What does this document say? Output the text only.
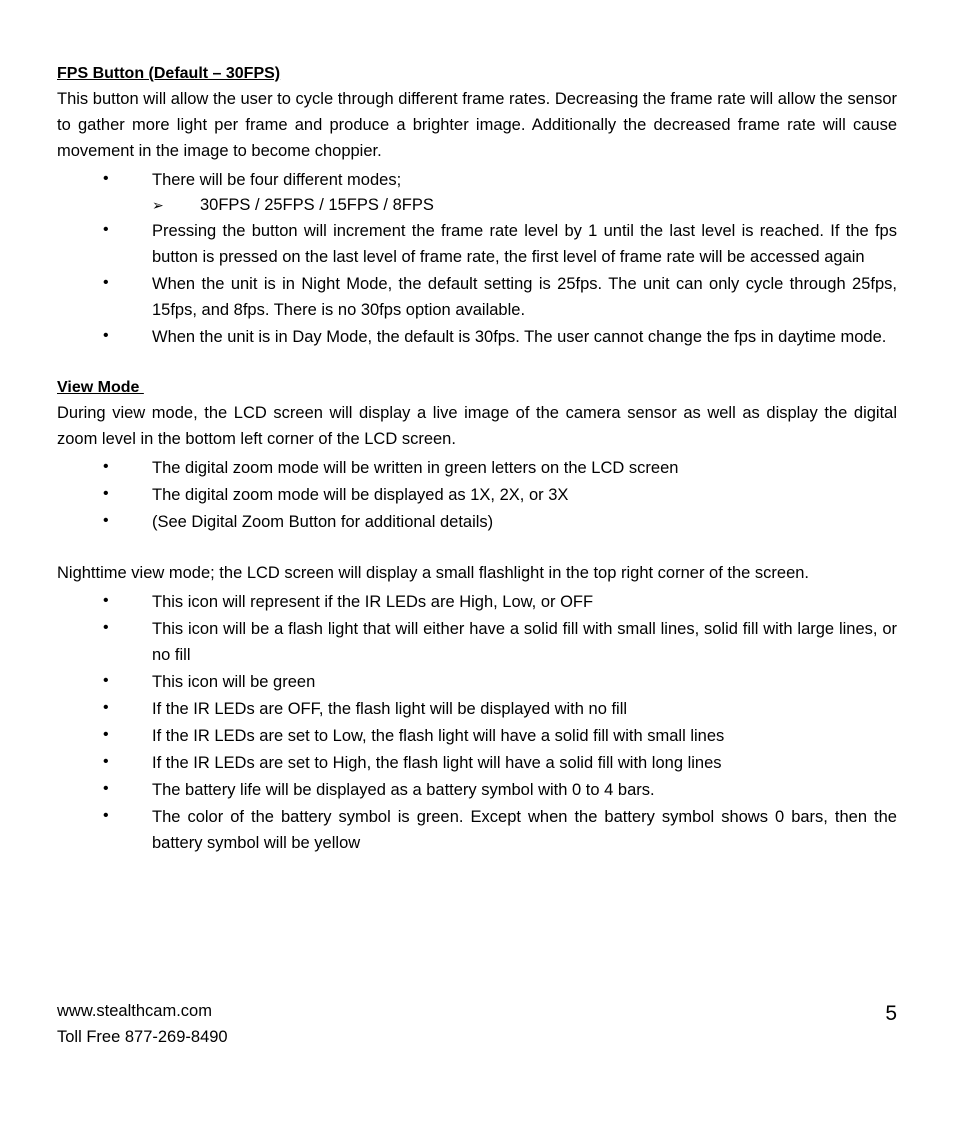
FPS Button (Default – 30FPS)

This button will allow the user to cycle through different frame rates. Decreasing the frame rate will allow the sensor to gather more light per frame and produce a brighter image. Additionally the decreased frame rate will cause movement in the image to become choppier.

•	There will be four different modes;
➢ 30FPS / 25FPS / 15FPS / 8FPS
•	Pressing the button will increment the frame rate level by 1 until the last level is reached. If the fps button is pressed on the last level of frame rate, the first level of frame rate will be accessed again
•	When the unit is in Night Mode, the default setting is 25fps. The unit can only cycle through 25fps, 15fps, and 8fps. There is no 30fps option available.
•	When the unit is in Day Mode, the default is 30fps. The user cannot change the fps in daytime mode.
View Mode

During view mode, the LCD screen will display a live image of the camera sensor as well as display the digital zoom level in the bottom left corner of the LCD screen.

•	The digital zoom mode will be written in green letters on the LCD screen
•	The digital zoom mode will be displayed as 1X, 2X, or 3X
•	(See Digital Zoom Button for additional details)

Nighttime view mode; the LCD screen will display a small flashlight in the top right corner of the screen.

•	This icon will represent if the IR LEDs are High, Low, or OFF
•	This icon will be a flash light that will either have a solid fill with small lines, solid fill with large lines, or no fill
•	This icon will be green
•	If the IR LEDs are OFF, the flash light will be displayed with no fill
•	If the IR LEDs are set to Low, the flash light will have a solid fill with small lines
•	If the IR LEDs are set to High, the flash light will have a solid fill with long lines
•	The battery life will be displayed as a battery symbol with 0 to 4 bars.
•	The color of the battery symbol is green. Except when the battery symbol shows 0 bars, then the battery symbol will be yellow
www.stealthcam.com
Toll Free 877-269-8490
5
